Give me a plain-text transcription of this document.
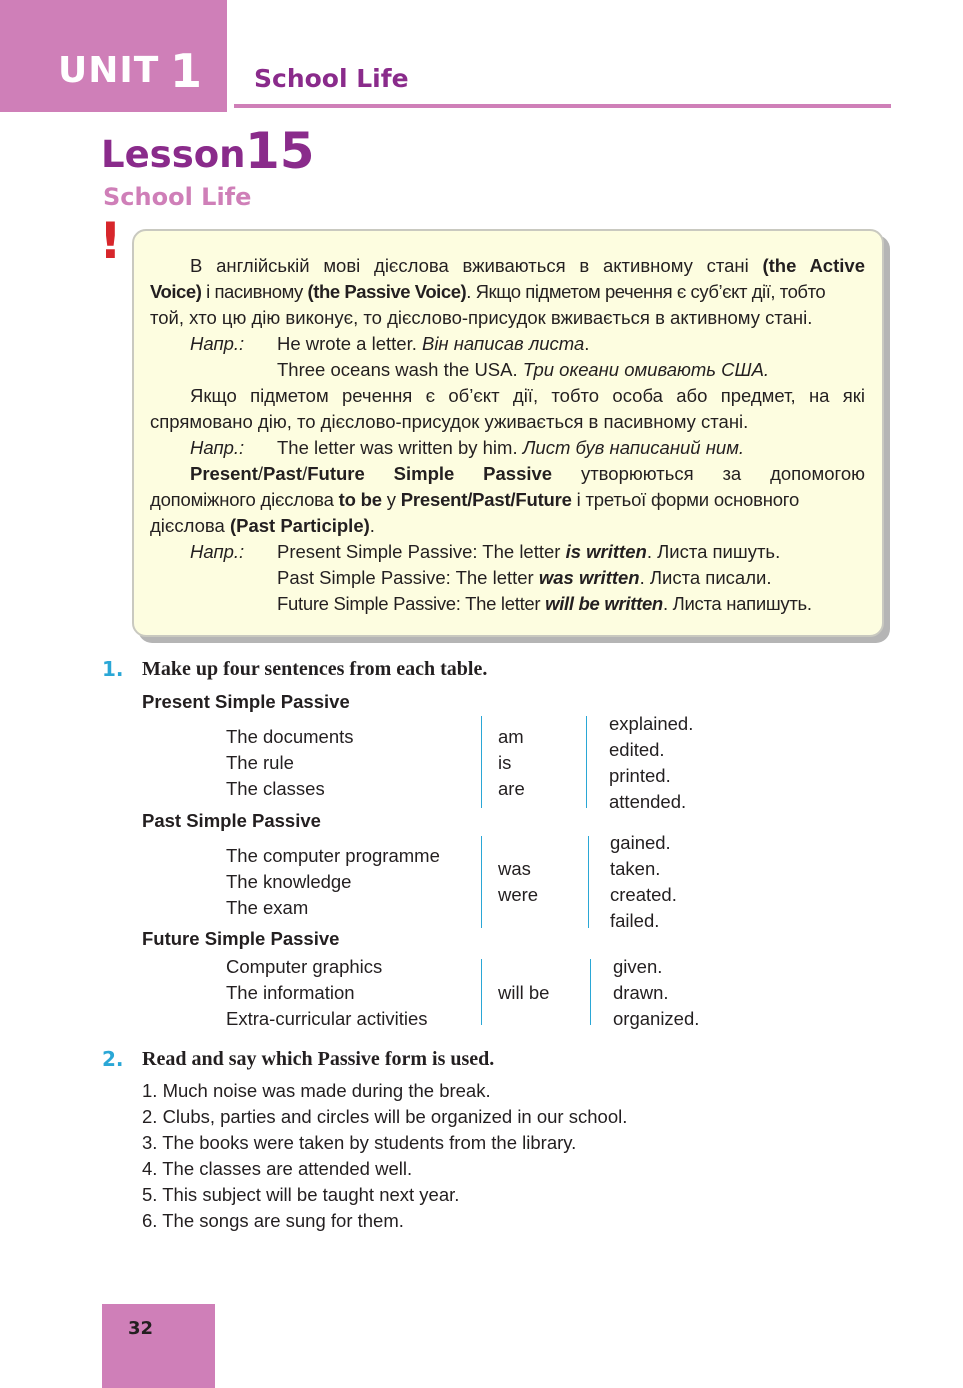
UNIT 1 School Life
Lesson 15
School Life
!	В англійській мові дієслова вживаються в активному стані (the Active
Voice) і пасивному (the Passive Voice). Якщо підметом речення є суб’єкт дії, тобто
той, хто цю дію виконує, то дієслово-присудок вживається в активному стані.
Напр.: He wrote a letter. Він написав листа.
Three oceans wash the USA. Три океани омивають США.
Якщо підметом речення є об’єкт дії, тобто особа або предмет, на які
спрямовано дію, то дієслово-присудок уживається в пасивному стані.
Напр.: The letter was written by him. Лист був написаний ним.
Present/Past/Future Simple Passive утворюються за допомогою
допоміжного дієслова to be у Present/Past/Future і третьої форми основного
дієслова (Past Participle).
Напр.: Present Simple Passive: The letter is written. Листа пишуть.
Past Simple Passive: The letter was written. Листа писали.
Future Simple Passive: The letter will be written. Листа напишуть.
1. Make up four sentences from each table.
Present Simple Passive
The documents
The rule
The classes
am
is
are
explained.
edited.
printed.
attended.
Past Simple Passive
The computer programme
The knowledge
The exam
was
were
gained.
taken.
created.
failed.
Future Simple Passive
Computer graphics
The information
Extra-curricular activities
will be
given.
drawn.
organized.
2. Read and say which Passive form is used.
1. Much noise was made during the break.
2. Clubs, parties and circles will be organized in our school.
3. The books were taken by students from the library.
4. The classes are attended well.
5. This subject will be taught next year.
6. The songs are sung for them.
32
